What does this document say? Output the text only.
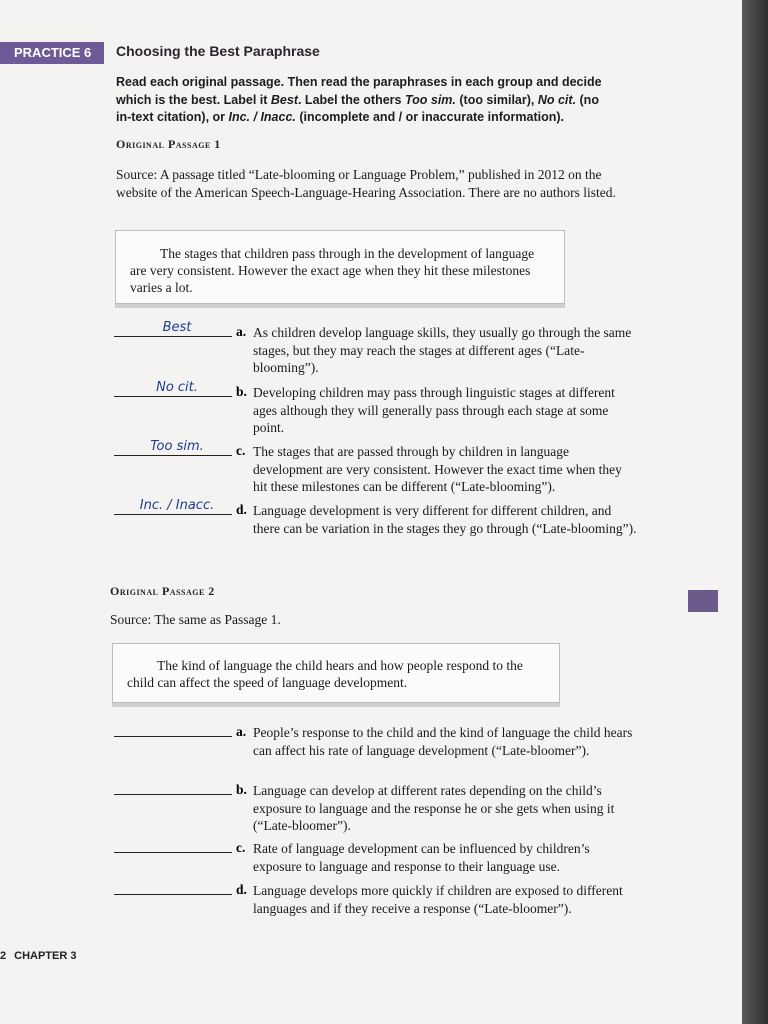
PRACTICE 6	Choosing the Best Paraphrase
Read each original passage. Then read the paraphrases in each group and decide which is the best. Label it Best. Label the others Too sim. (too similar), No cit. (no in-text citation), or Inc. / Inacc. (incomplete and / or inaccurate information).
Original Passage 1
Source: A passage titled “Late-blooming or Language Problem,” published in 2012 on the website of the American Speech-Language-Hearing Association. There are no authors listed.
The stages that children pass through in the development of language are very consistent. However the exact age when they hit these milestones varies a lot.
Best	a. As children develop language skills, they usually go through the same stages, but they may reach the stages at different ages (“Late-blooming”).
No cit.	b. Developing children may pass through linguistic stages at different ages although they will generally pass through each stage at some point.
Too sim.	c. The stages that are passed through by children in language development are very consistent. However the exact time when they hit these milestones can be different (“Late-blooming”).
Inc. / Inacc.	d. Language development is very different for different children, and there can be variation in the stages they go through (“Late-blooming”).
Original Passage 2
Source: The same as Passage 1.
The kind of language the child hears and how people respond to the child can affect the speed of language development.
a. People’s response to the child and the kind of language the child hears can affect his rate of language development (“Late-bloomer”).
b. Language can develop at different rates depending on the child’s exposure to language and the response he or she gets when using it (“Late-bloomer”).
c. Rate of language development can be influenced by children’s exposure to language and response to their language use.
d. Language develops more quickly if children are exposed to different languages and if they receive a response (“Late-bloomer”).
2 CHAPTER 3
